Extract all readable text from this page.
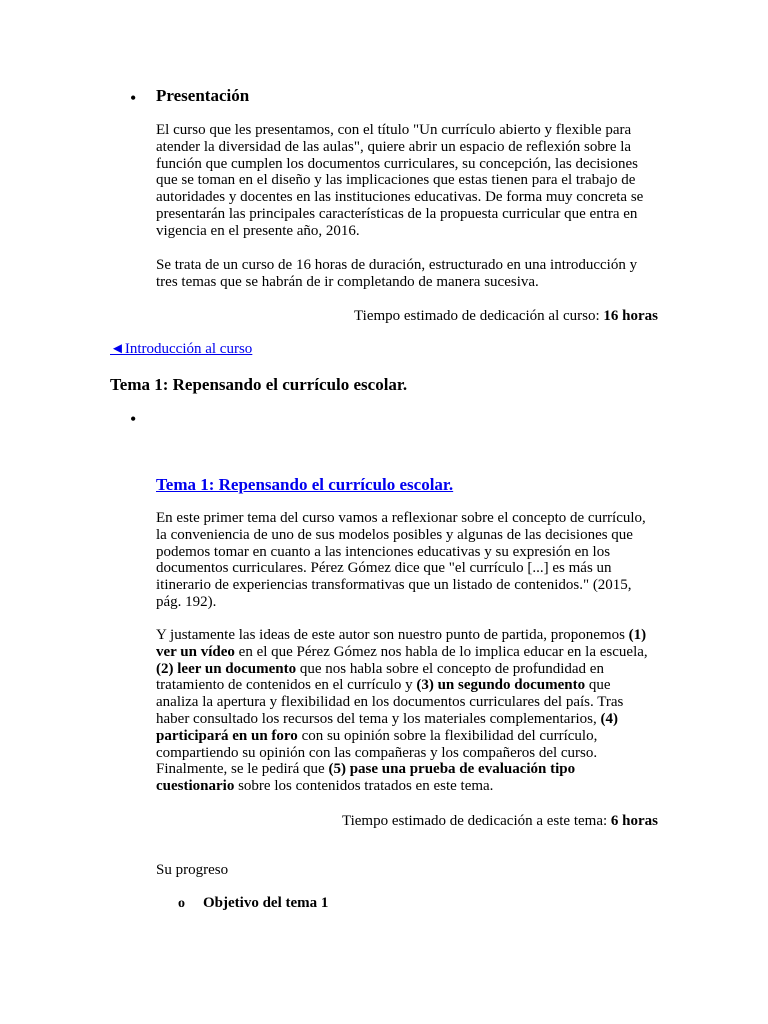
• Presentación

El curso que les presentamos, con el título "Un currículo abierto y flexible para atender la diversidad de las aulas", quiere abrir un espacio de reflexión sobre la función que cumplen los documentos curriculares, su concepción, las decisiones que se toman en el diseño y las implicaciones que estas tienen para el trabajo de autoridades y docentes en las instituciones educativas. De forma muy concreta se presentarán las principales características de la propuesta curricular que entra en vigencia en el presente año, 2016.

Se trata de un curso de 16 horas de duración, estructurado en una introducción y tres temas que se habrán de ir completando de manera sucesiva.

Tiempo estimado de dedicación al curso: 16 horas

◄Introducción al curso
Tema 1: Repensando el currículo escolar.
•
Tema 1: Repensando el currículo escolar.

En este primer tema del curso vamos a reflexionar sobre el concepto de currículo, la conveniencia de uno de sus modelos posibles y algunas de las decisiones que podemos tomar en cuanto a las intenciones educativas y su expresión en los documentos curriculares. Pérez Gómez dice que "el currículo [...] es más un itinerario de experiencias transformativas que un listado de contenidos." (2015, pág. 192).

Y justamente las ideas de este autor son nuestro punto de partida, proponemos (1) ver un vídeo en el que Pérez Gómez nos habla de lo implica educar en la escuela, (2) leer un documento que nos habla sobre el concepto de profundidad en tratamiento de contenidos en el currículo y (3) un segundo documento que analiza la apertura y flexibilidad en los documentos curriculares del país. Tras haber consultado los recursos del tema y los materiales complementarios, (4) participará en un foro con su opinión sobre la flexibilidad del currículo, compartiendo su opinión con las compañeras y los compañeros del curso. Finalmente, se le pedirá que (5) pase una prueba de evaluación tipo cuestionario sobre los contenidos tratados en este tema.

Tiempo estimado de dedicación a este tema: 6 horas

Su progreso

o Objetivo del tema 1
